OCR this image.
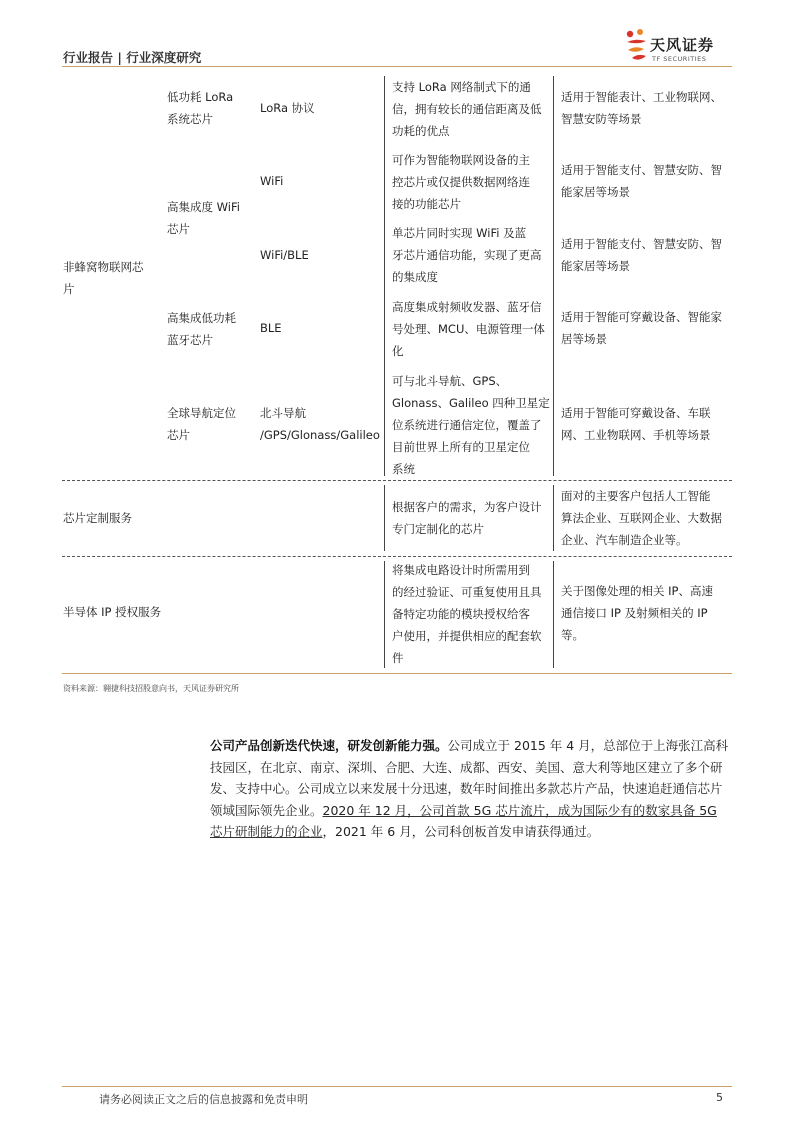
行业报告 | 行业深度研究
天风证券
TF SECURITIES
非蜂窝物联网芯
片
低功耗 LoRa
系统芯片
LoRa 协议
支持 LoRa 网络制式下的通
信，拥有较长的通信距离及低
功耗的优点
适用于智能表计、工业物联网、
智慧安防等场景
高集成度 WiFi
芯片
WiFi
可作为智能物联网设备的主
控芯片或仅提供数据网络连
接的功能芯片
适用于智能支付、智慧安防、智
能家居等场景
WiFi/BLE
单芯片同时实现 WiFi 及蓝
牙芯片通信功能，实现了更高
的集成度
适用于智能支付、智慧安防、智
能家居等场景
高集成低功耗
蓝牙芯片
BLE
高度集成射频收发器、蓝牙信
号处理、MCU、电源管理一体
化
适用于智能可穿戴设备、智能家
居等场景
全球导航定位
芯片
北斗导航
/GPS/Glonass/Galileo
可与北斗导航、GPS、
Glonass、Galileo 四种卫星定
位系统进行通信定位，覆盖了
目前世界上所有的卫星定位
系统
适用于智能可穿戴设备、车联
网、工业物联网、手机等场景
芯片定制服务
根据客户的需求，为客户设计
专门定制化的芯片
面对的主要客户包括人工智能
算法企业、互联网企业、大数据
企业、汽车制造企业等。
半导体 IP 授权服务
将集成电路设计时所需用到
的经过验证、可重复使用且具
备特定功能的模块授权给客
户使用，并提供相应的配套软
件
关于图像处理的相关 IP、高速
通信接口 IP 及射频相关的 IP
等。
资料来源：翱捷科技招股意向书，天风证券研究所
公司产品创新迭代快速，研发创新能力强。公司成立于 2015 年 4 月，总部位于上海张江高科技园区，在北京、南京、深圳、合肥、大连、成都、西安、美国、意大利等地区建立了多个研发、支持中心。公司成立以来发展十分迅速，数年时间推出多款芯片产品，快速追赶通信芯片领域国际领先企业。2020 年 12 月，公司首款 5G 芯片流片，成为国际少有的数家具备 5G 芯片研制能力的企业，2021 年 6 月，公司科创板首发申请获得通过。
请务必阅读正文之后的信息披露和免责申明	5
